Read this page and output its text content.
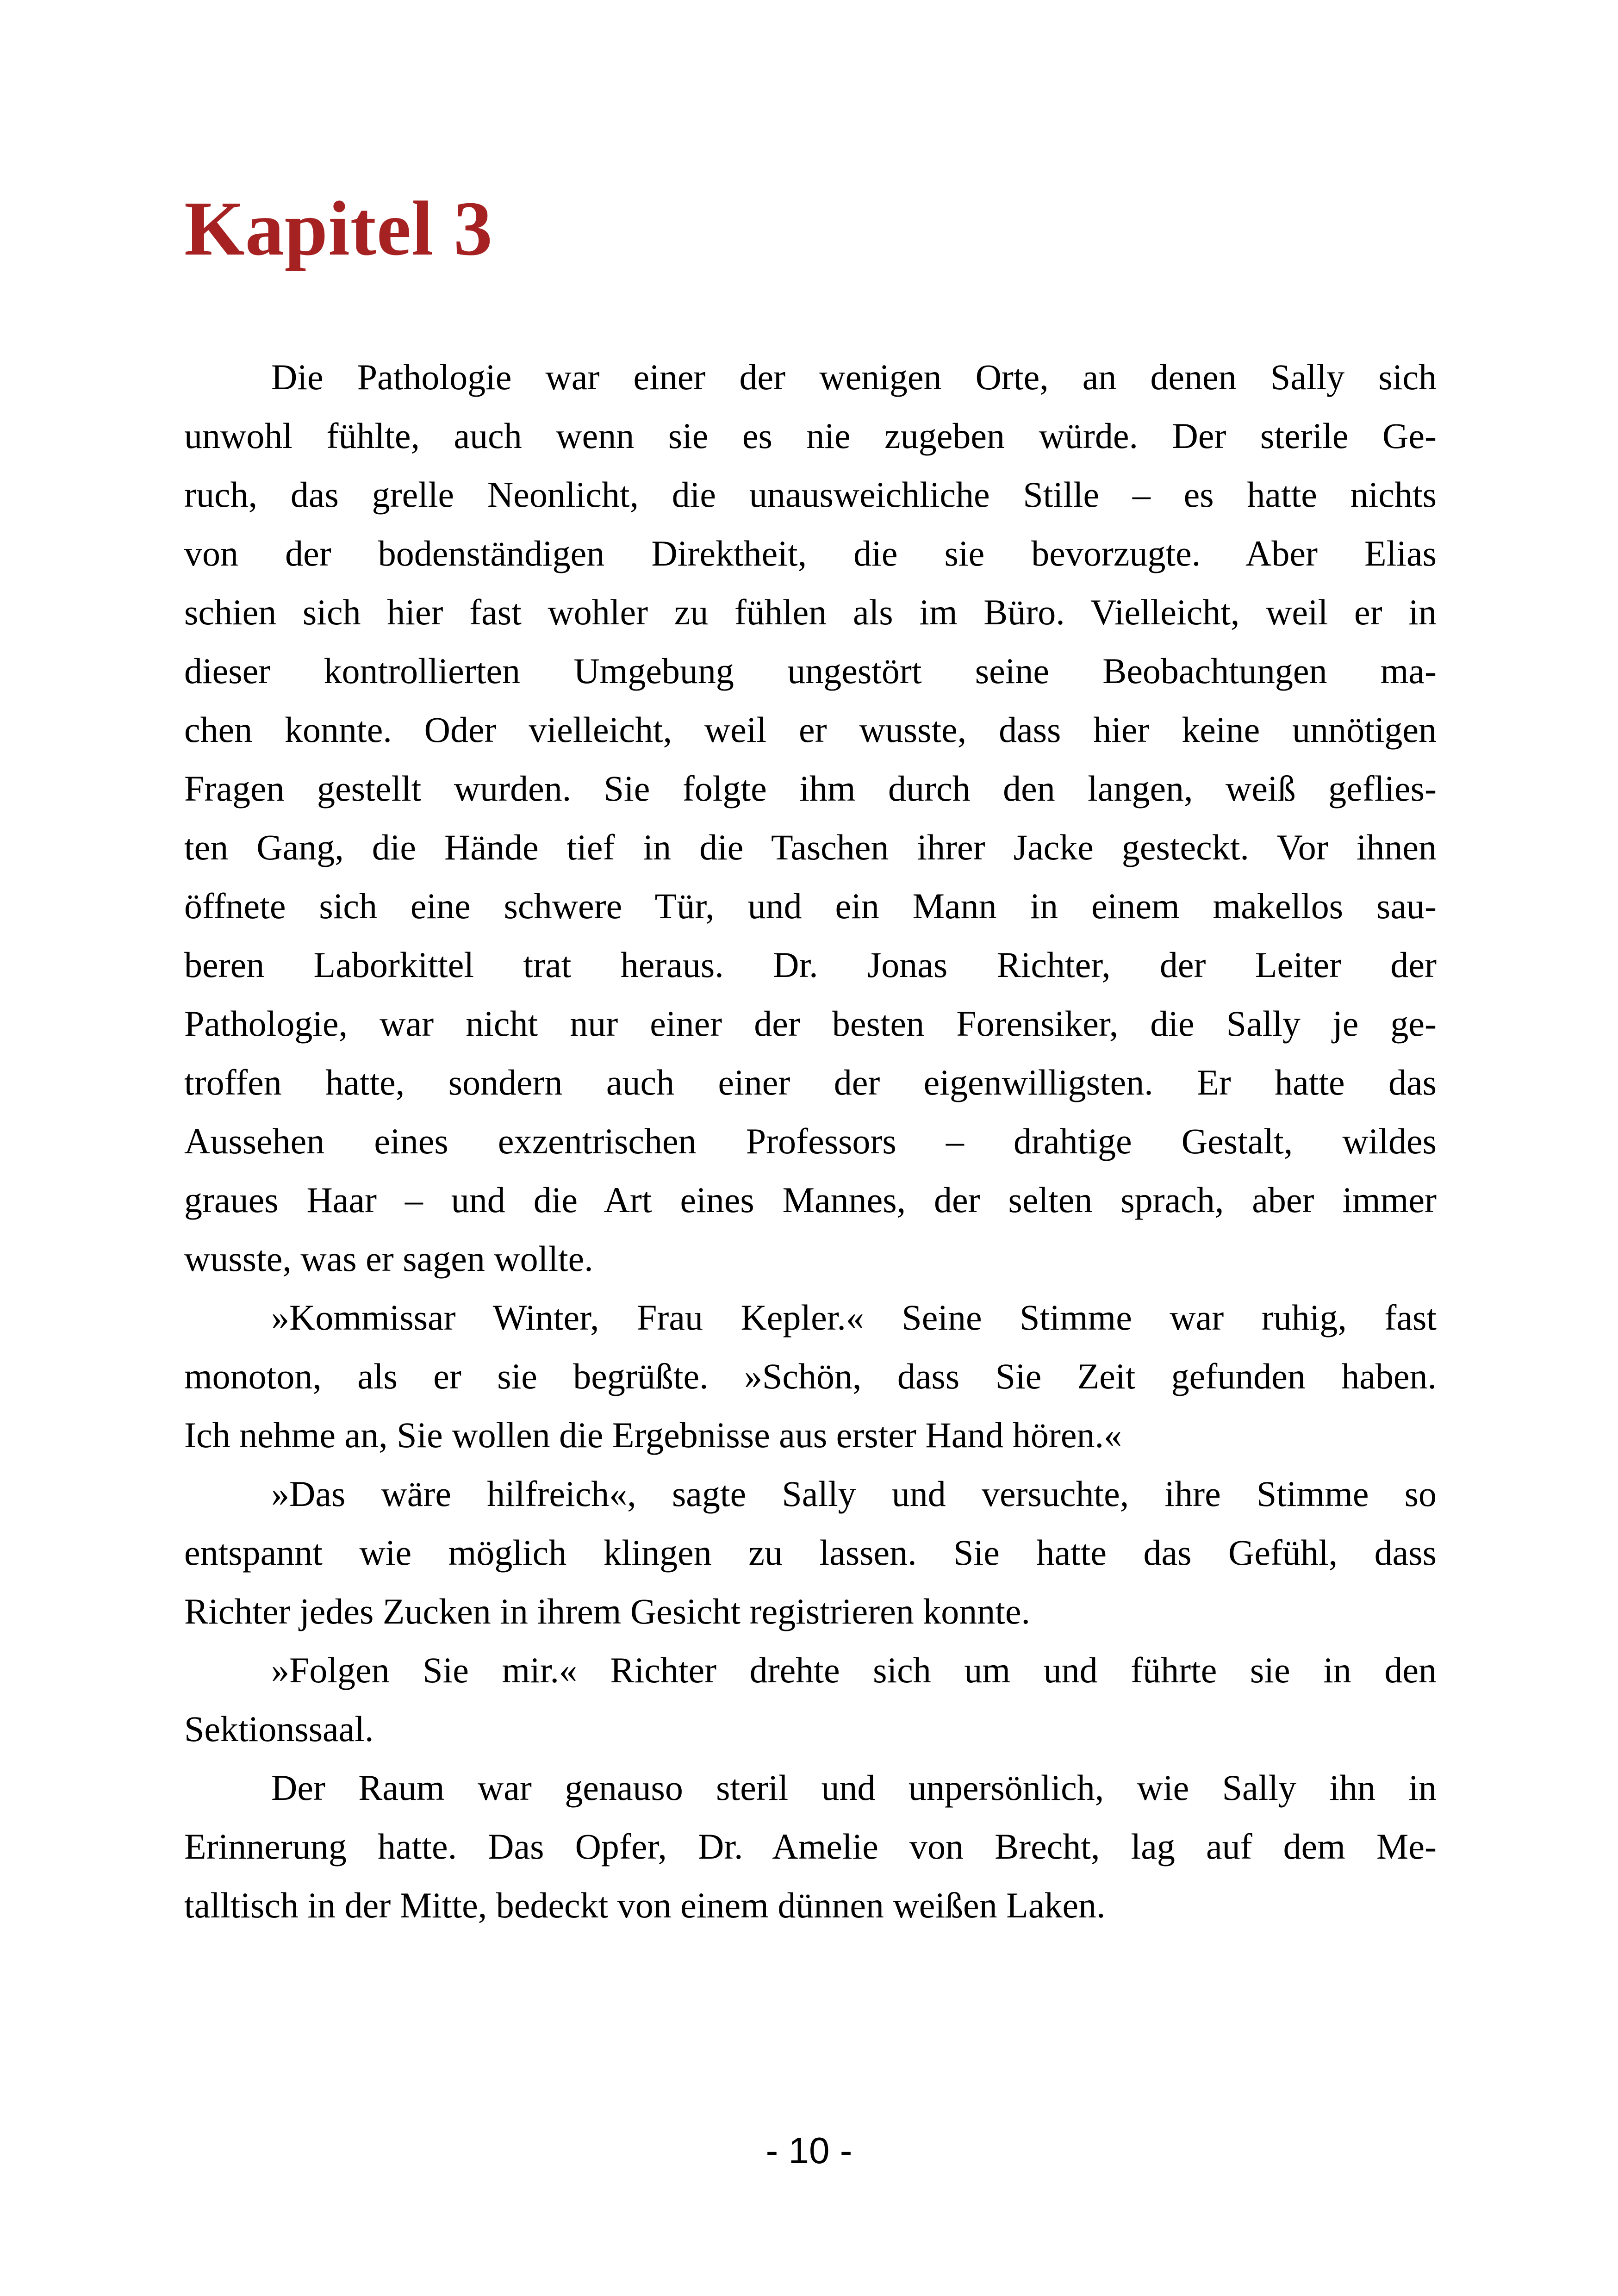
Kapitel 3

Die Pathologie war einer der wenigen Orte, an denen Sally sich
unwohl fühlte, auch wenn sie es nie zugeben würde. Der sterile Ge-
ruch, das grelle Neonlicht, die unausweichliche Stille – es hatte nichts
von der bodenständigen Direktheit, die sie bevorzugte. Aber Elias
schien sich hier fast wohler zu fühlen als im Büro. Vielleicht, weil er in
dieser kontrollierten Umgebung ungestört seine Beobachtungen ma-
chen konnte. Oder vielleicht, weil er wusste, dass hier keine unnötigen
Fragen gestellt wurden. Sie folgte ihm durch den langen, weiß geflies-
ten Gang, die Hände tief in die Taschen ihrer Jacke gesteckt. Vor ihnen
öffnete sich eine schwere Tür, und ein Mann in einem makellos sau-
beren Laborkittel trat heraus. Dr. Jonas Richter, der Leiter der
Pathologie, war nicht nur einer der besten Forensiker, die Sally je ge-
troffen hatte, sondern auch einer der eigenwilligsten. Er hatte das
Aussehen eines exzentrischen Professors – drahtige Gestalt, wildes
graues Haar – und die Art eines Mannes, der selten sprach, aber immer
wusste, was er sagen wollte.

»Kommissar Winter, Frau Kepler.« Seine Stimme war ruhig, fast
monoton, als er sie begrüßte. »Schön, dass Sie Zeit gefunden haben.
Ich nehme an, Sie wollen die Ergebnisse aus erster Hand hören.«

»Das wäre hilfreich«, sagte Sally und versuchte, ihre Stimme so
entspannt wie möglich klingen zu lassen. Sie hatte das Gefühl, dass
Richter jedes Zucken in ihrem Gesicht registrieren konnte.

»Folgen Sie mir.« Richter drehte sich um und führte sie in den
Sektionssaal.

Der Raum war genauso steril und unpersönlich, wie Sally ihn in
Erinnerung hatte. Das Opfer, Dr. Amelie von Brecht, lag auf dem Me-
talltisch in der Mitte, bedeckt von einem dünnen weißen Laken.

- 10 -
